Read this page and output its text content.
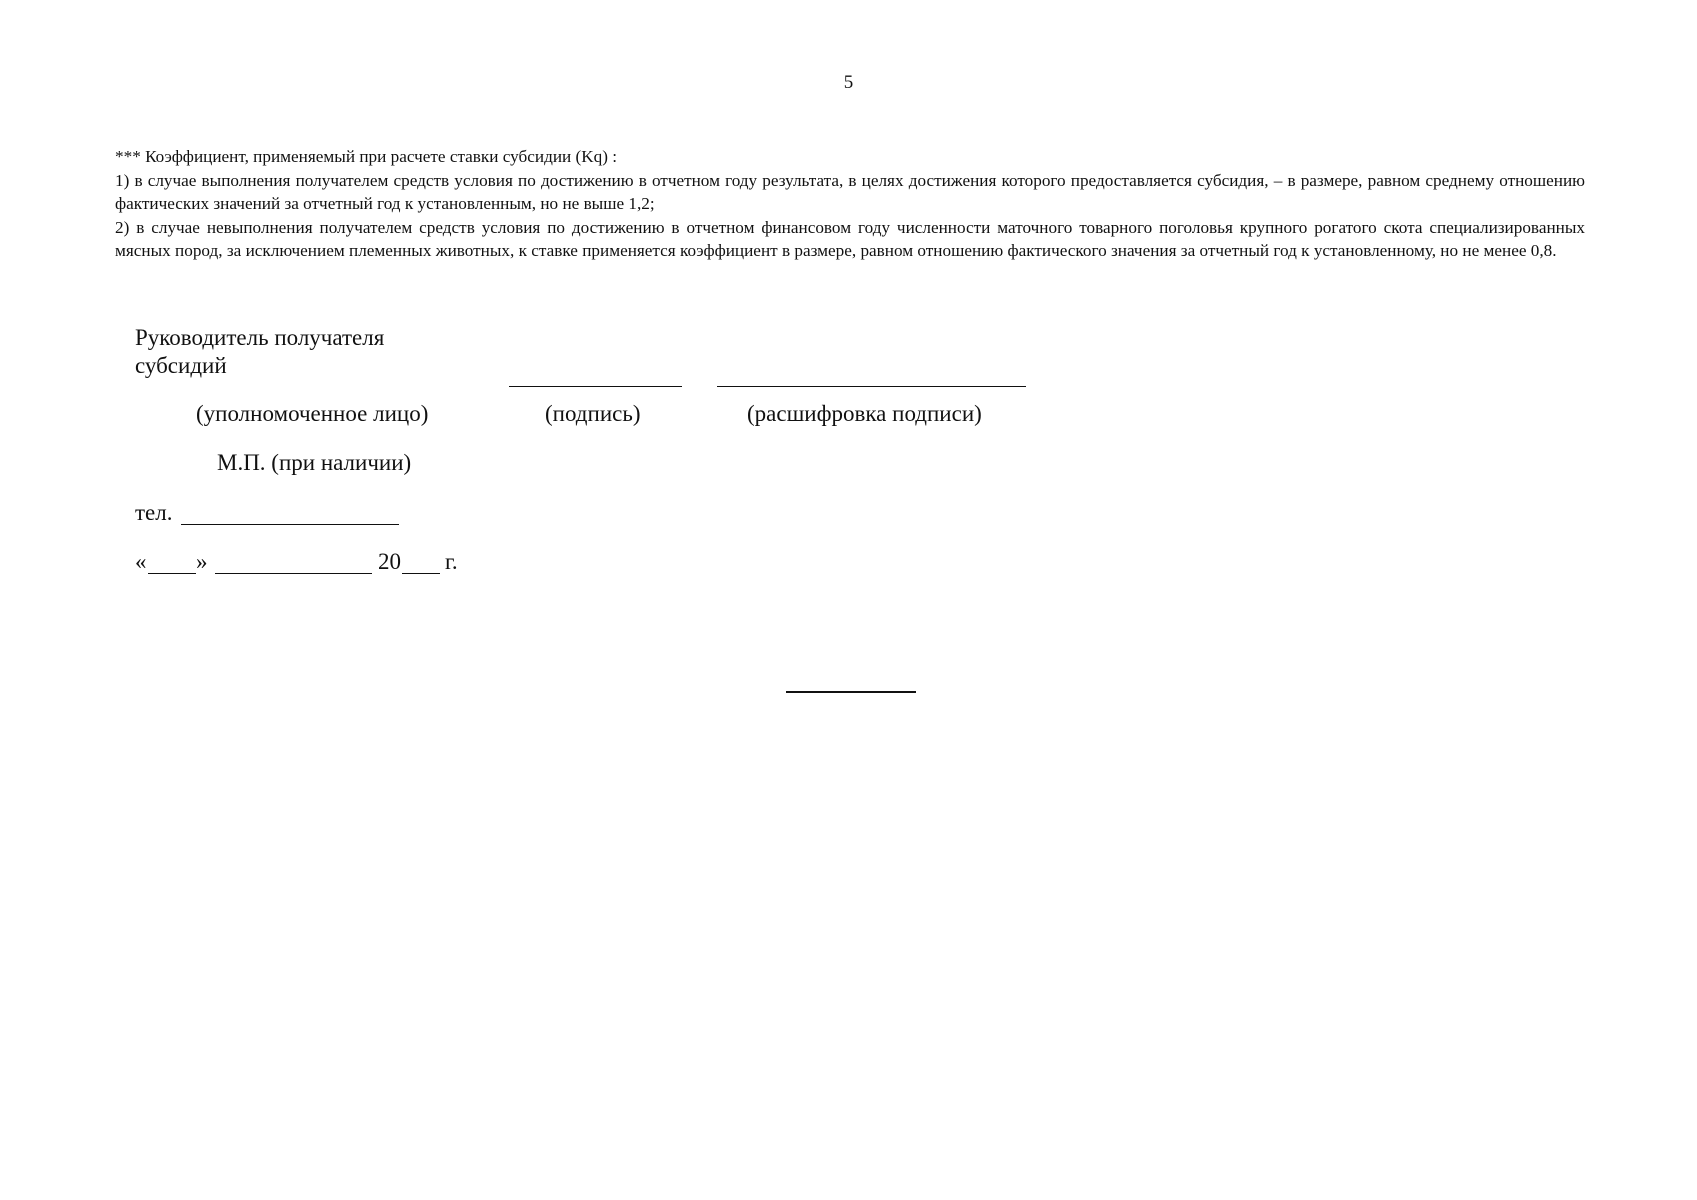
5

*** Коэффициент, применяемый при расчете ставки субсидии (Kq) :

1) в случае выполнения получателем средств условия по достижению в отчетном году результата, в целях достижения которого предоставляется субсидия, – в размере, равном среднему отношению фактических значений за отчетный год к установленным, но не выше 1,2;

2) в случае невыполнения получателем средств условия по достижению в отчетном финансовом году численности маточного товарного поголовья крупного рогатого скота специализированных мясных пород, за исключением племенных животных, к ставке применяется коэффициент в размере, равном отношению фактического значения за отчетный год к установленному, но не менее 0,8.

Руководитель получателя субсидий
(уполномоченное лицо)	(подпись)	(расшифровка подписи)
М.П. (при наличии)
тел.
« »	20 г.
